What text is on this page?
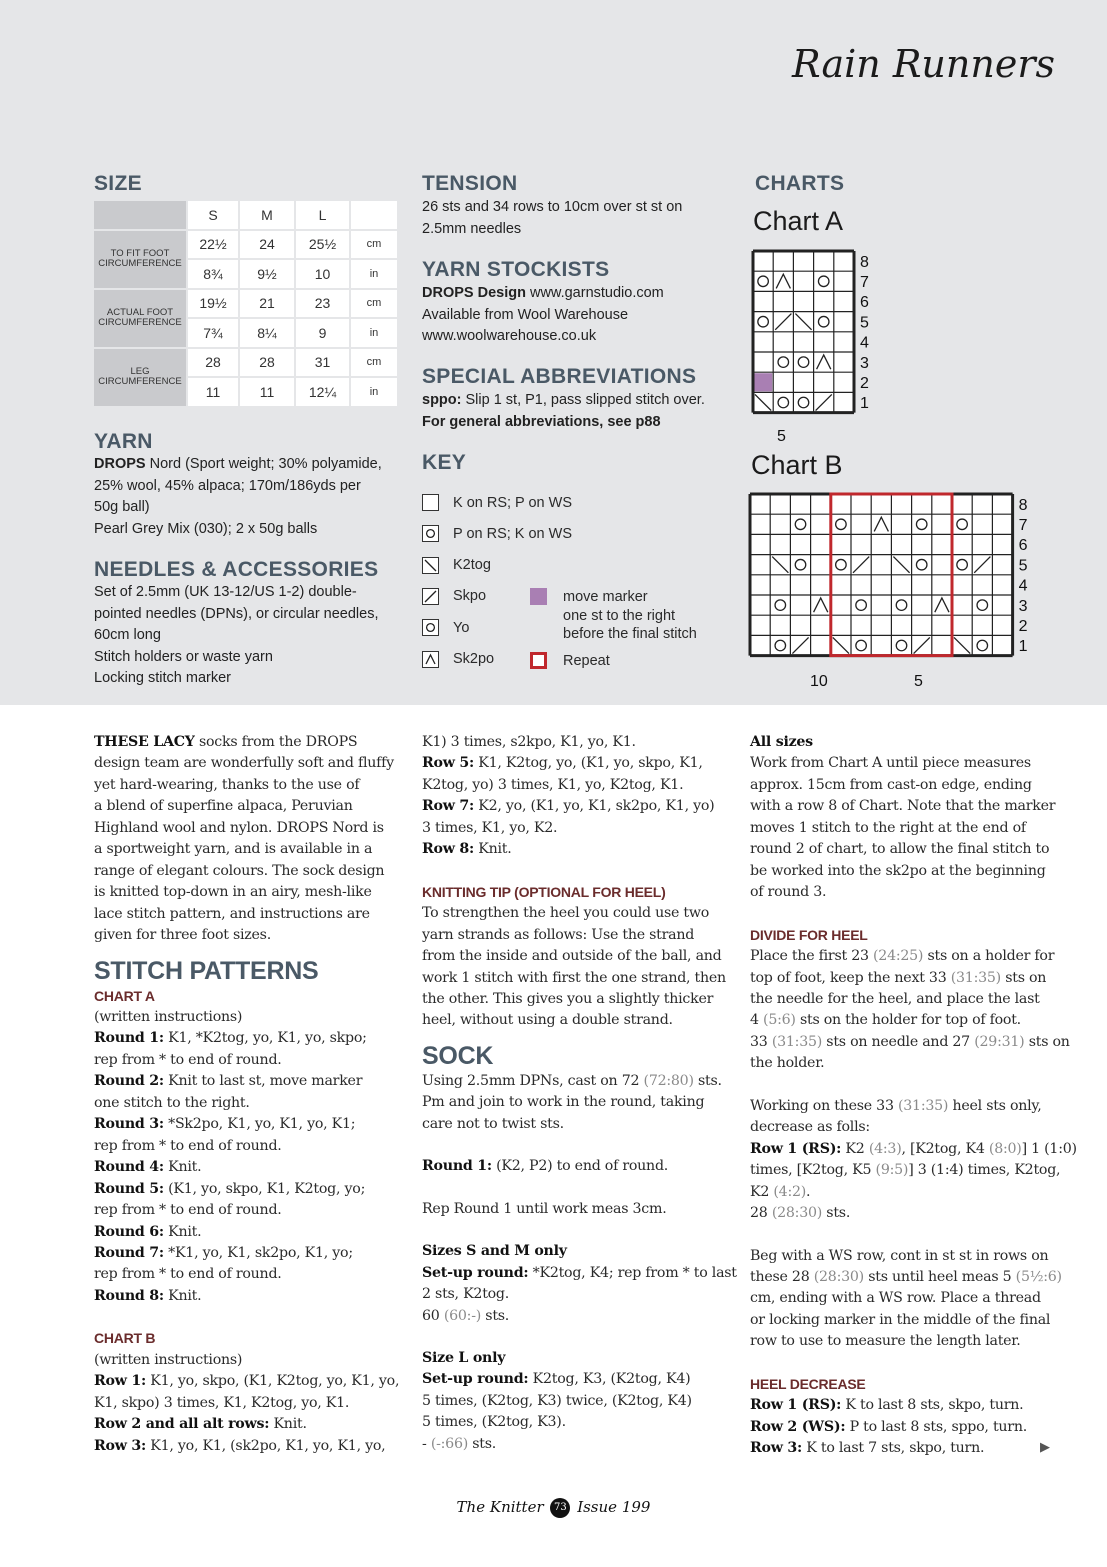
Rain Runners
SIZE
	S	M	L	
TO FIT FOOT CIRCUMFERENCE	22½	24	25½	cm
	8¾	9½	10	in
ACTUAL FOOT CIRCUMFERENCE	19½	21	23	cm
	7¾	8¼	9	in
LEG CIRCUMFERENCE	28	28	31	cm
	11	11	12¼	in
YARN
DROPS Nord (Sport weight; 30% polyamide,
25% wool, 45% alpaca; 170m/186yds per
50g ball)
Pearl Grey Mix (030); 2 x 50g balls
NEEDLES & ACCESSORIES
Set of 2.5mm (UK 13-12/US 1-2) double-
pointed needles (DPNs), or circular needles,
60cm long
Stitch holders or waste yarn
Locking stitch marker
TENSION
26 sts and 34 rows to 10cm over st st on
2.5mm needles
YARN STOCKISTS
DROPS Design www.garnstudio.com
Available from Wool Warehouse
www.woolwarehouse.co.uk
SPECIAL ABBREVIATIONS
sppo: Slip 1 st, P1, pass slipped stitch over.
For general abbreviations, see p88
KEY
K on RS; P on WS
P on RS; K on WS
K2tog
Skpo
Yo
Sk2po
move marker
one st to the right
before the final stitch
Repeat
CHARTS
Chart A
8
7
6
5
4
3
2
1
5
Chart B
8
7
6
5
4
3
2
1
10	5
THESE LACY socks from the DROPS
design team are wonderfully soft and fluffy
yet hard-wearing, thanks to the use of
a blend of superfine alpaca, Peruvian
Highland wool and nylon. DROPS Nord is
a sportweight yarn, and is available in a
range of elegant colours. The sock design
is knitted top-down in an airy, mesh-like
lace stitch pattern, and instructions are
given for three foot sizes.
STITCH PATTERNS
CHART A
(written instructions)
Round 1: K1, *K2tog, yo, K1, yo, skpo;
rep from * to end of round.
Round 2: Knit to last st, move marker
one stitch to the right.
Round 3: *Sk2po, K1, yo, K1, yo, K1;
rep from * to end of round.
Round 4: Knit.
Round 5: (K1, yo, skpo, K1, K2tog, yo;
rep from * to end of round.
Round 6: Knit.
Round 7: *K1, yo, K1, sk2po, K1, yo;
rep from * to end of round.
Round 8: Knit.
CHART B
(written instructions)
Row 1: K1, yo, skpo, (K1, K2tog, yo, K1, yo,
K1, skpo) 3 times, K1, K2tog, yo, K1.
Row 2 and all alt rows: Knit.
Row 3: K1, yo, K1, (sk2po, K1, yo, K1, yo,
K1) 3 times, s2kpo, K1, yo, K1.
Row 5: K1, K2tog, yo, (K1, yo, skpo, K1,
K2tog, yo) 3 times, K1, yo, K2tog, K1.
Row 7: K2, yo, (K1, yo, K1, sk2po, K1, yo)
3 times, K1, yo, K2.
Row 8: Knit.
KNITTING TIP (OPTIONAL FOR HEEL)
To strengthen the heel you could use two
yarn strands as follows: Use the strand
from the inside and outside of the ball, and
work 1 stitch with first the one strand, then
the other. This gives you a slightly thicker
heel, without using a double strand.
SOCK
Using 2.5mm DPNs, cast on 72 (72:80) sts.
Pm and join to work in the round, taking
care not to twist sts.
Round 1: (K2, P2) to end of round.
Rep Round 1 until work meas 3cm.
Sizes S and M only
Set-up round: *K2tog, K4; rep from * to last
2 sts, K2tog.
60 (60:-) sts.
Size L only
Set-up round: K2tog, K3, (K2tog, K4)
5 times, (K2tog, K3) twice, (K2tog, K4)
5 times, (K2tog, K3).
- (-:66) sts.
All sizes
Work from Chart A until piece measures
approx. 15cm from cast-on edge, ending
with a row 8 of Chart. Note that the marker
moves 1 stitch to the right at the end of
round 2 of chart, to allow the final stitch to
be worked into the sk2po at the beginning
of round 3.
DIVIDE FOR HEEL
Place the first 23 (24:25) sts on a holder for
top of foot, keep the next 33 (31:35) sts on
the needle for the heel, and place the last
4 (5:6) sts on the holder for top of foot.
33 (31:35) sts on needle and 27 (29:31) sts on
the holder.
Working on these 33 (31:35) heel sts only,
decrease as folls:
Row 1 (RS): K2 (4:3), [K2tog, K4 (8:0)] 1 (1:0)
times, [K2tog, K5 (9:5)] 3 (1:4) times, K2tog,
K2 (4:2).
28 (28:30) sts.
Beg with a WS row, cont in st st in rows on
these 28 (28:30) sts until heel meas 5 (5½:6)
cm, ending with a WS row. Place a thread
or locking marker in the middle of the final
row to use to measure the length later.
HEEL DECREASE
Row 1 (RS): K to last 8 sts, skpo, turn.
Row 2 (WS): P to last 8 sts, sppo, turn.
Row 3: K to last 7 sts, skpo, turn.	▶
The Knitter 73 Issue 199
